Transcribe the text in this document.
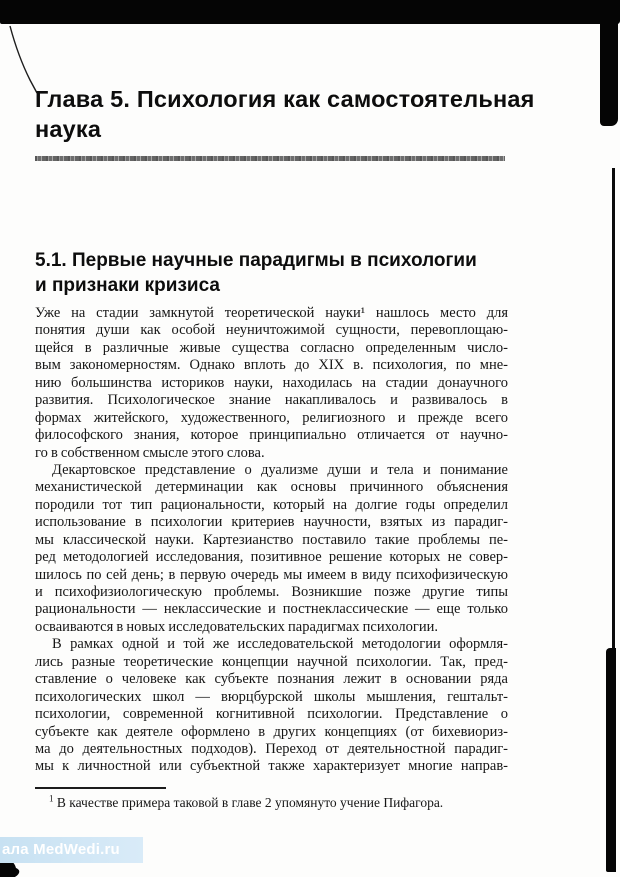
Глава 5. Психология как самостоятельная
наука
5.1. Первые научные парадигмы в психологии
и признаки кризиса
Уже на стадии замкнутой теоретической науки¹ нашлось место для
понятия души как особой неуничтожимой сущности, перевоплощаю-
щейся в различные живые существа согласно определенным число-
вым закономерностям. Однако вплоть до XIX в. психология, по мне-
нию большинства историков науки, находилась на стадии донаучного
развития. Психологическое знание накапливалось и развивалось в
формах житейского, художественного, религиозного и прежде всего
философского знания, которое принципиально отличается от научно-
го в собственном смысле этого слова.
Декартовское представление о дуализме души и тела и понимание
механистической детерминации как основы причинного объяснения
породили тот тип рациональности, который на долгие годы определил
использование в психологии критериев научности, взятых из парадиг-
мы классической науки. Картезианство поставило такие проблемы пе-
ред методологией исследования, позитивное решение которых не совер-
шилось по сей день; в первую очередь мы имеем в виду психофизическую
и психофизиологическую проблемы. Возникшие позже другие типы
рациональности — неклассические и постнеклассические — еще только
осваиваются в новых исследовательских парадигмах психологии.
В рамках одной и той же исследовательской методологии оформля-
лись разные теоретические концепции научной психологии. Так, пред-
ставление о человеке как субъекте познания лежит в основании ряда
психологических школ — вюрцбурской школы мышления, гештальт-
психологии, современной когнитивной психологии. Представление о
субъекте как деятеле оформлено в других концепциях (от бихевиориз-
ма до деятельностных подходов). Переход от деятельностной парадиг-
мы к личностной или субъектной также характеризует многие направ-
$^1$ В качестве примера таковой в главе 2 упомянуто учение Пифагора.
ала MedWedi.ru
